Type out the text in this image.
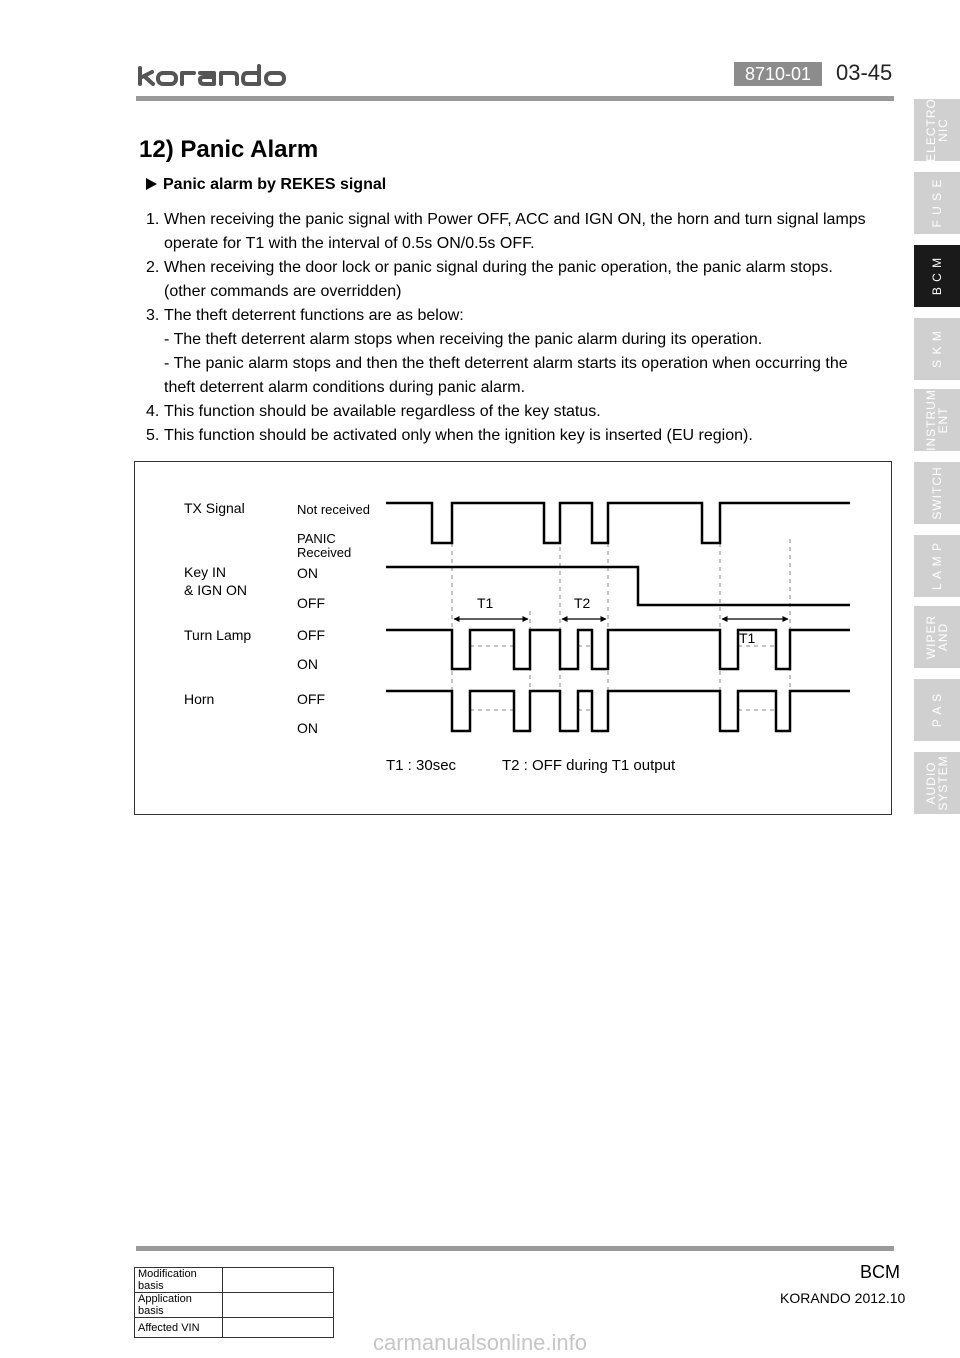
8710-01	03-45
ELECTRO
NIC
F U S E
B C M
S K M
INSTRUM
ENT
SWITCH
L A M P
WIPER
AND
P A S
AUDIO
SYSTEM
12) Panic Alarm
Panic alarm by REKES signal
1. When receiving the panic signal with Power OFF, ACC and IGN ON, the horn and turn signal lamps
operate for T1 with the interval of 0.5s ON/0.5s OFF.
2. When receiving the door lock or panic signal during the panic operation, the panic alarm stops.
(other commands are overridden)
3. The theft deterrent functions are as below:
- The theft deterrent alarm stops when receiving the panic alarm during its operation.
- The panic alarm stops and then the theft deterrent alarm starts its operation when occurring the
theft deterrent alarm conditions during panic alarm.
4. This function should be available regardless of the key status.
5. This function should be activated only when the ignition key is inserted (EU region).
TX Signal	Not received
PANIC
Received
Key IN
& IGN ON
ON
OFF
Turn Lamp	OFF
ON
Horn	OFF
ON
T1	T2
T1
T1 : 30sec	T2 : OFF during T1 output
Modification basis	
Application basis	
Affected VIN	
BCM
KORANDO 2012.10
carmanualsonline.info
